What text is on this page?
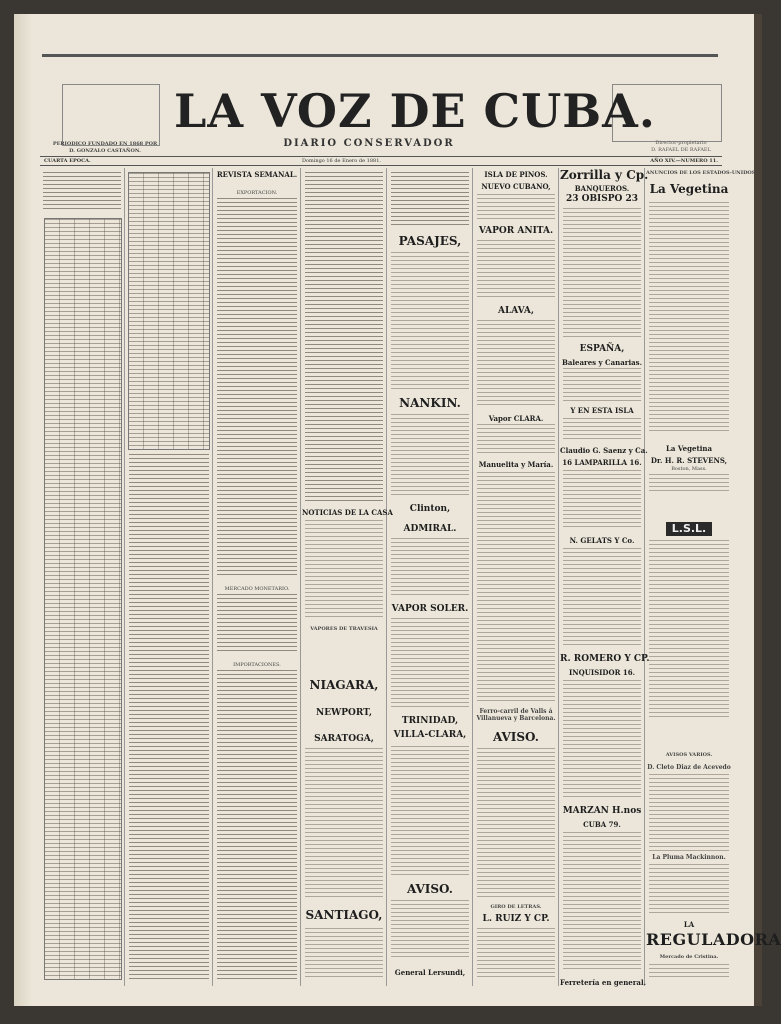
LA VOZ DE CUBA.
DIARIO CONSERVADOR
PERIODICO FUNDADO EN 1868 POR
D. GONZALO CASTAÑON.
Director-propietario
D. RAFAEL DE RAFAEL
CUARTA EPOCA.	Domingo 16 de Enero de 1881.	AÑO XIV.—NUMERO 11.
REVISTA SEMANAL.
EXPORTACION.
MERCADO MONETARIO.
IMPORTACIONES.
NOTICIAS DE LA CASA
VAPORES DE TRAVESIA
NIAGARA,
NEWPORT,
SARATOGA,
SANTIAGO,
PASAJES,
NANKIN.
Clinton,
ADMIRAL.
VAPOR SOLER.
TRINIDAD,
VILLA-CLARA,
AVISO.
General Lersundi,
ISLA DE PINOS.
NUEVO CUBANO,
VAPOR ANITA.
ALAVA,
Vapor CLARA.
Manuelita y María.
Ferro-carril de Valls á Villanueva y Barcelona.
AVISO.
GIRO DE LETRAS.
L. RUIZ Y CP.
Zorrilla y Cp.
BANQUEROS.
23 OBISPO 23
ESPAÑA,
Baleares y Canarias.
Y EN ESTA ISLA
Claudio G. Saenz y Ca.
16 LAMPARILLA 16.
N. GELATS Y Co.
R. ROMERO Y CP.
INQUISIDOR 16.
MARZAN H.nos
CUBA 79.
Ferretería en general.
ANUNCIOS DE LOS ESTADOS-UNIDOS
La Vegetina
La Vegetina
Dr. H. R. STEVENS,
Boston, Mass.
L.S.L.
AVISOS VARIOS.
D. Cleto Diaz de Acevedo
La Pluma Mackinnon.
LA
REGULADORA
Mercado de Cristina.
